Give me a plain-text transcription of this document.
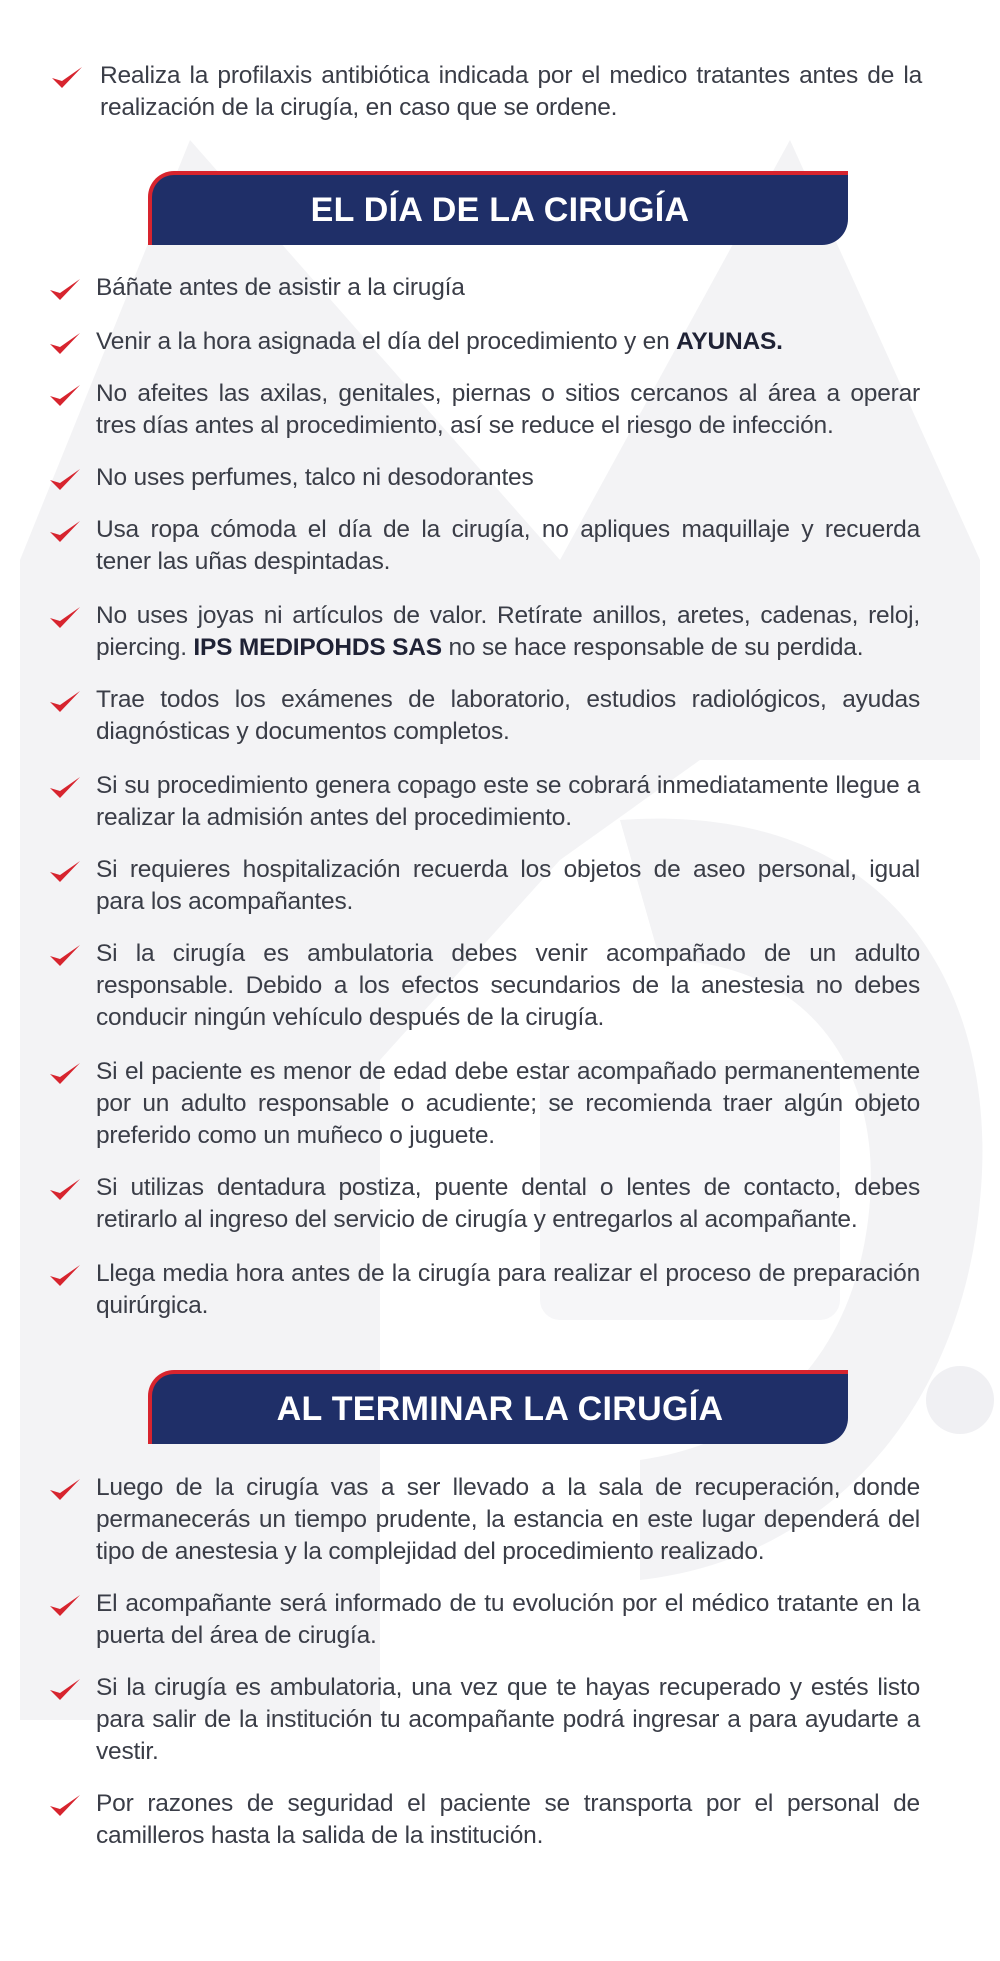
Realiza la profilaxis antibiótica indicada por el medico tratantes antes de la realización de la cirugía, en caso que se ordene.
EL DÍA DE LA CIRUGÍA
Báñate antes de asistir a la cirugía
Venir a la hora asignada el día del procedimiento y en AYUNAS.
No afeites las axilas, genitales, piernas o sitios cercanos al área a operar tres días antes al procedimiento, así se reduce el riesgo de infección.
No uses perfumes, talco ni desodorantes
Usa ropa cómoda el día de la cirugía, no apliques maquillaje y recuerda tener las uñas despintadas.
No uses joyas ni artículos de valor. Retírate anillos, aretes, cadenas, reloj, piercing. IPS MEDIPOHDS SAS no se hace responsable de su perdida.
Trae todos los exámenes de laboratorio, estudios radiológicos, ayudas diagnósticas y documentos completos.
Si su procedimiento genera copago este se cobrará inmediatamente llegue a realizar la admisión antes del procedimiento.
Si requieres hospitalización recuerda los objetos de aseo personal, igual para los acompañantes.
Si la cirugía es ambulatoria debes venir acompañado de un adulto responsable. Debido a los efectos secundarios de la anestesia no debes conducir ningún vehículo después de la cirugía.
Si el paciente es menor de edad debe estar acompañado permanentemente por un adulto responsable o acudiente; se recomienda traer algún objeto preferido como un muñeco o juguete.
Si utilizas dentadura postiza, puente dental o lentes de contacto, debes retirarlo al ingreso del servicio de cirugía y entregarlos al acompañante.
Llega media hora antes de la cirugía para realizar el proceso de preparación quirúrgica.
AL TERMINAR LA CIRUGÍA
Luego de la cirugía vas a ser llevado a la sala de recuperación, donde permanecerás un tiempo prudente, la estancia en este lugar dependerá del tipo de anestesia y la complejidad del procedimiento realizado.
El acompañante será informado de tu evolución por el médico tratante en la puerta del área de cirugía.
Si la cirugía es ambulatoria, una vez que te hayas recuperado y estés listo para salir de la institución tu acompañante podrá ingresar a para ayudarte a vestir.
Por razones de seguridad el paciente se transporta por el personal de camilleros hasta la salida de la institución.
